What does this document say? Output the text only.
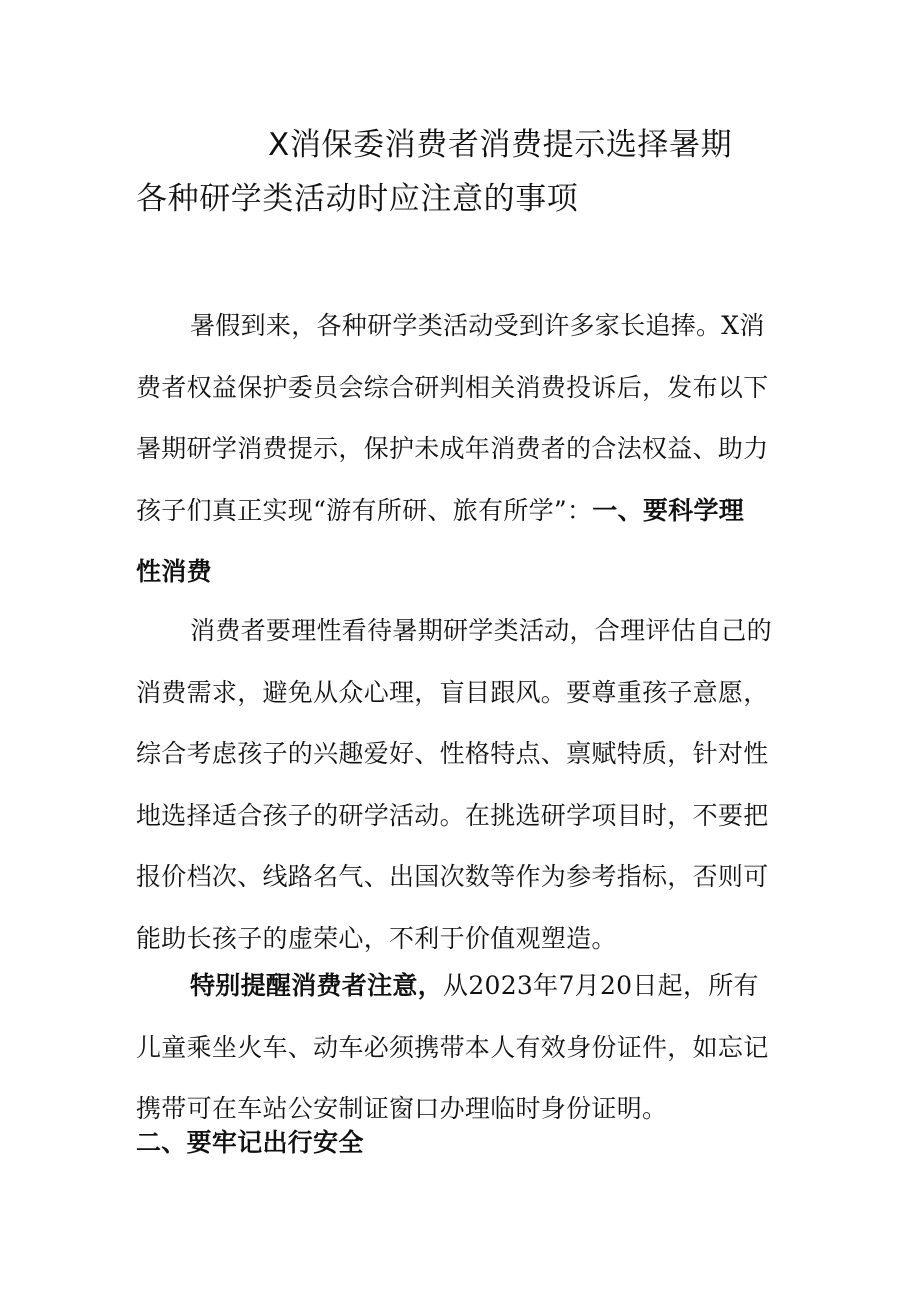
X消保委消费者消费提示选择暑期
各种研学类活动时应注意的事项
暑假到来，各种研学类活动受到许多家长追捧。X消
费者权益保护委员会综合研判相关消费投诉后，发布以下
暑期研学消费提示，保护未成年消费者的合法权益、助力
孩子们真正实现“游有所研、旅有所学”：一、要科学理
性消费
消费者要理性看待暑期研学类活动，合理评估自己的
消费需求，避免从众心理，盲目跟风。要尊重孩子意愿，
综合考虑孩子的兴趣爱好、性格特点、禀赋特质，针对性
地选择适合孩子的研学活动。在挑选研学项目时，不要把
报价档次、线路名气、出国次数等作为参考指标，否则可
能助长孩子的虚荣心，不利于价值观塑造。
特别提醒消费者注意，从2023年7月20日起，所有
儿童乘坐火车、动车必须携带本人有效身份证件，如忘记
携带可在车站公安制证窗口办理临时身份证明。
二、要牢记出行安全
